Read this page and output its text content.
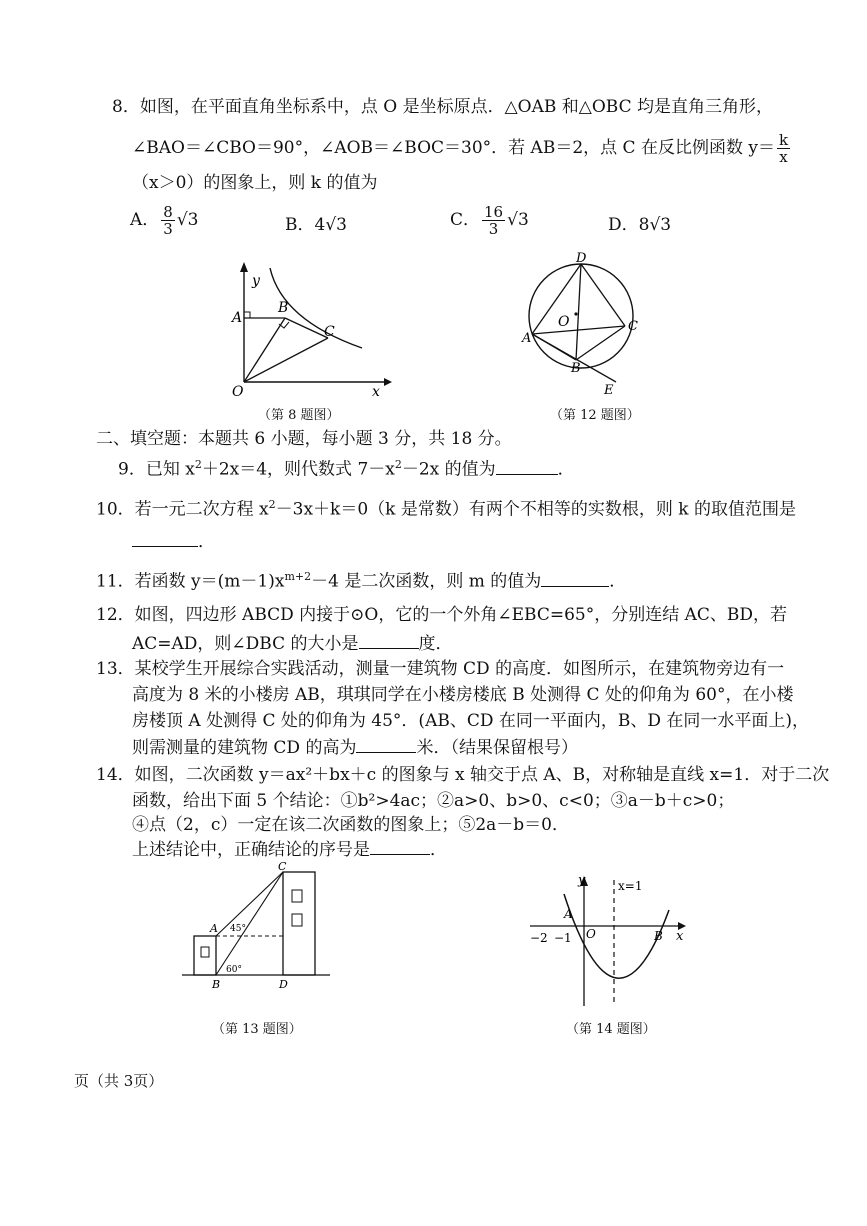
8．如图，在平面直角坐标系中，点 O 是坐标原点．△OAB 和△OBC 均是直角三角形，
∠BAO＝∠CBO＝90°，∠AOB＝∠BOC＝30°．若 AB＝2，点 C 在反比例函数 $y= \frac{k}{x}$
（x＞0）的图象上，则 k 的值为
A． $\frac{8}{3} √3$	B．4√3	C． $\frac{16}{3} √3$	D．8√3
y
x
O
A
B
C
（第 8 题图）
D
O
A
C
B
E
（第 12 题图）
二、填空题：本题共 6 小题，每小题 3 分，共 18 分。
9．已知 $x^2+2x=4$，则代数式 $7-x^2-2x$ 的值为	．
10．若一元二次方程 $x^2-3x+k=0(k$ 是常数）有两个不相等的实数根，则 k 的取值范围是
．
11．若函数 $y=(m-1)x^{m+2}-4$ 是二次函数，则 m 的值为	．
12．如图，四边形 ABCD 内接于⊙O，它的一个外角∠EBC=65°，分别连结 AC、BD，若
AC=AD，则∠DBC 的大小是	度．
13．某校学生开展综合实践活动，测量一建筑物 CD 的高度．如图所示，在建筑物旁边有一
高度为 8 米的小楼房 AB，琪琪同学在小楼房楼底 B 处测得 C 处的仰角为 60°，在小楼
房楼顶 A 处测得 C 处的仰角为 45°．(AB、CD 在同一平面内，B、D 在同一水平面上)，
则需测量的建筑物 CD 的高为	米．（结果保留根号）
14．如图，二次函数 y＝ax²＋bx＋c 的图象与 x 轴交于点 A、B，对称轴是直线 x=1．对于二次
函数，给出下面 5 个结论：①b²>4ac；②a>0、b>0、c<0；③a－b＋c>0；
④点（2，c）一定在该二次函数的图象上；⑤2a－b＝0．
上述结论中，正确结论的序号是	．
C
A
B	D
45°
60°
（第 13 题图）
y	x=1
−2 −1 O
A
B x
（第 14 题图）
页（共 3页）
